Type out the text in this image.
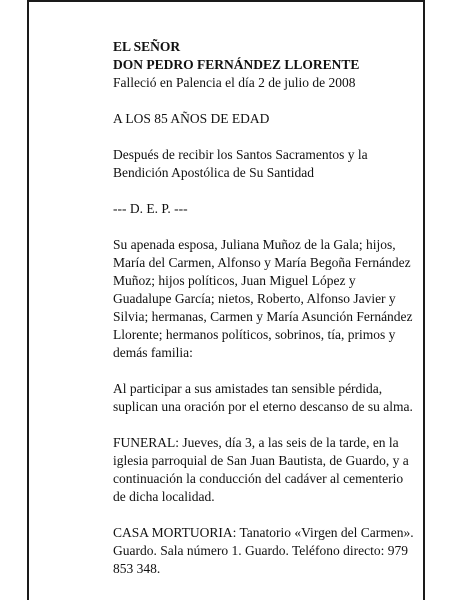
EL SEÑOR

DON PEDRO FERNÁNDEZ LLORENTE

Falleció en Palencia el día 2 de julio de 2008

A LOS 85 AÑOS DE EDAD

Después de recibir los Santos Sacramentos y la
Bendición Apostólica de Su Santidad

--- D. E. P. ---

Su apenada esposa, Juliana Muñoz de la Gala; hijos,
María del Carmen, Alfonso y María Begoña Fernández
Muñoz; hijos políticos, Juan Miguel López y
Guadalupe García; nietos, Roberto, Alfonso Javier y
Silvia; hermanas, Carmen y María Asunción Fernández
Llorente; hermanos políticos, sobrinos, tía, primos y
demás familia:

Al participar a sus amistades tan sensible pérdida,
suplican una oración por el eterno descanso de su alma.

FUNERAL: Jueves, día 3, a las seis de la tarde, en la
iglesia parroquial de San Juan Bautista, de Guardo, y a
continuación la conducción del cadáver al cementerio
de dicha localidad.

CASA MORTUORIA: Tanatorio «Virgen del Carmen».
Guardo. Sala número 1. Guardo. Teléfono directo: 979
853 348.
